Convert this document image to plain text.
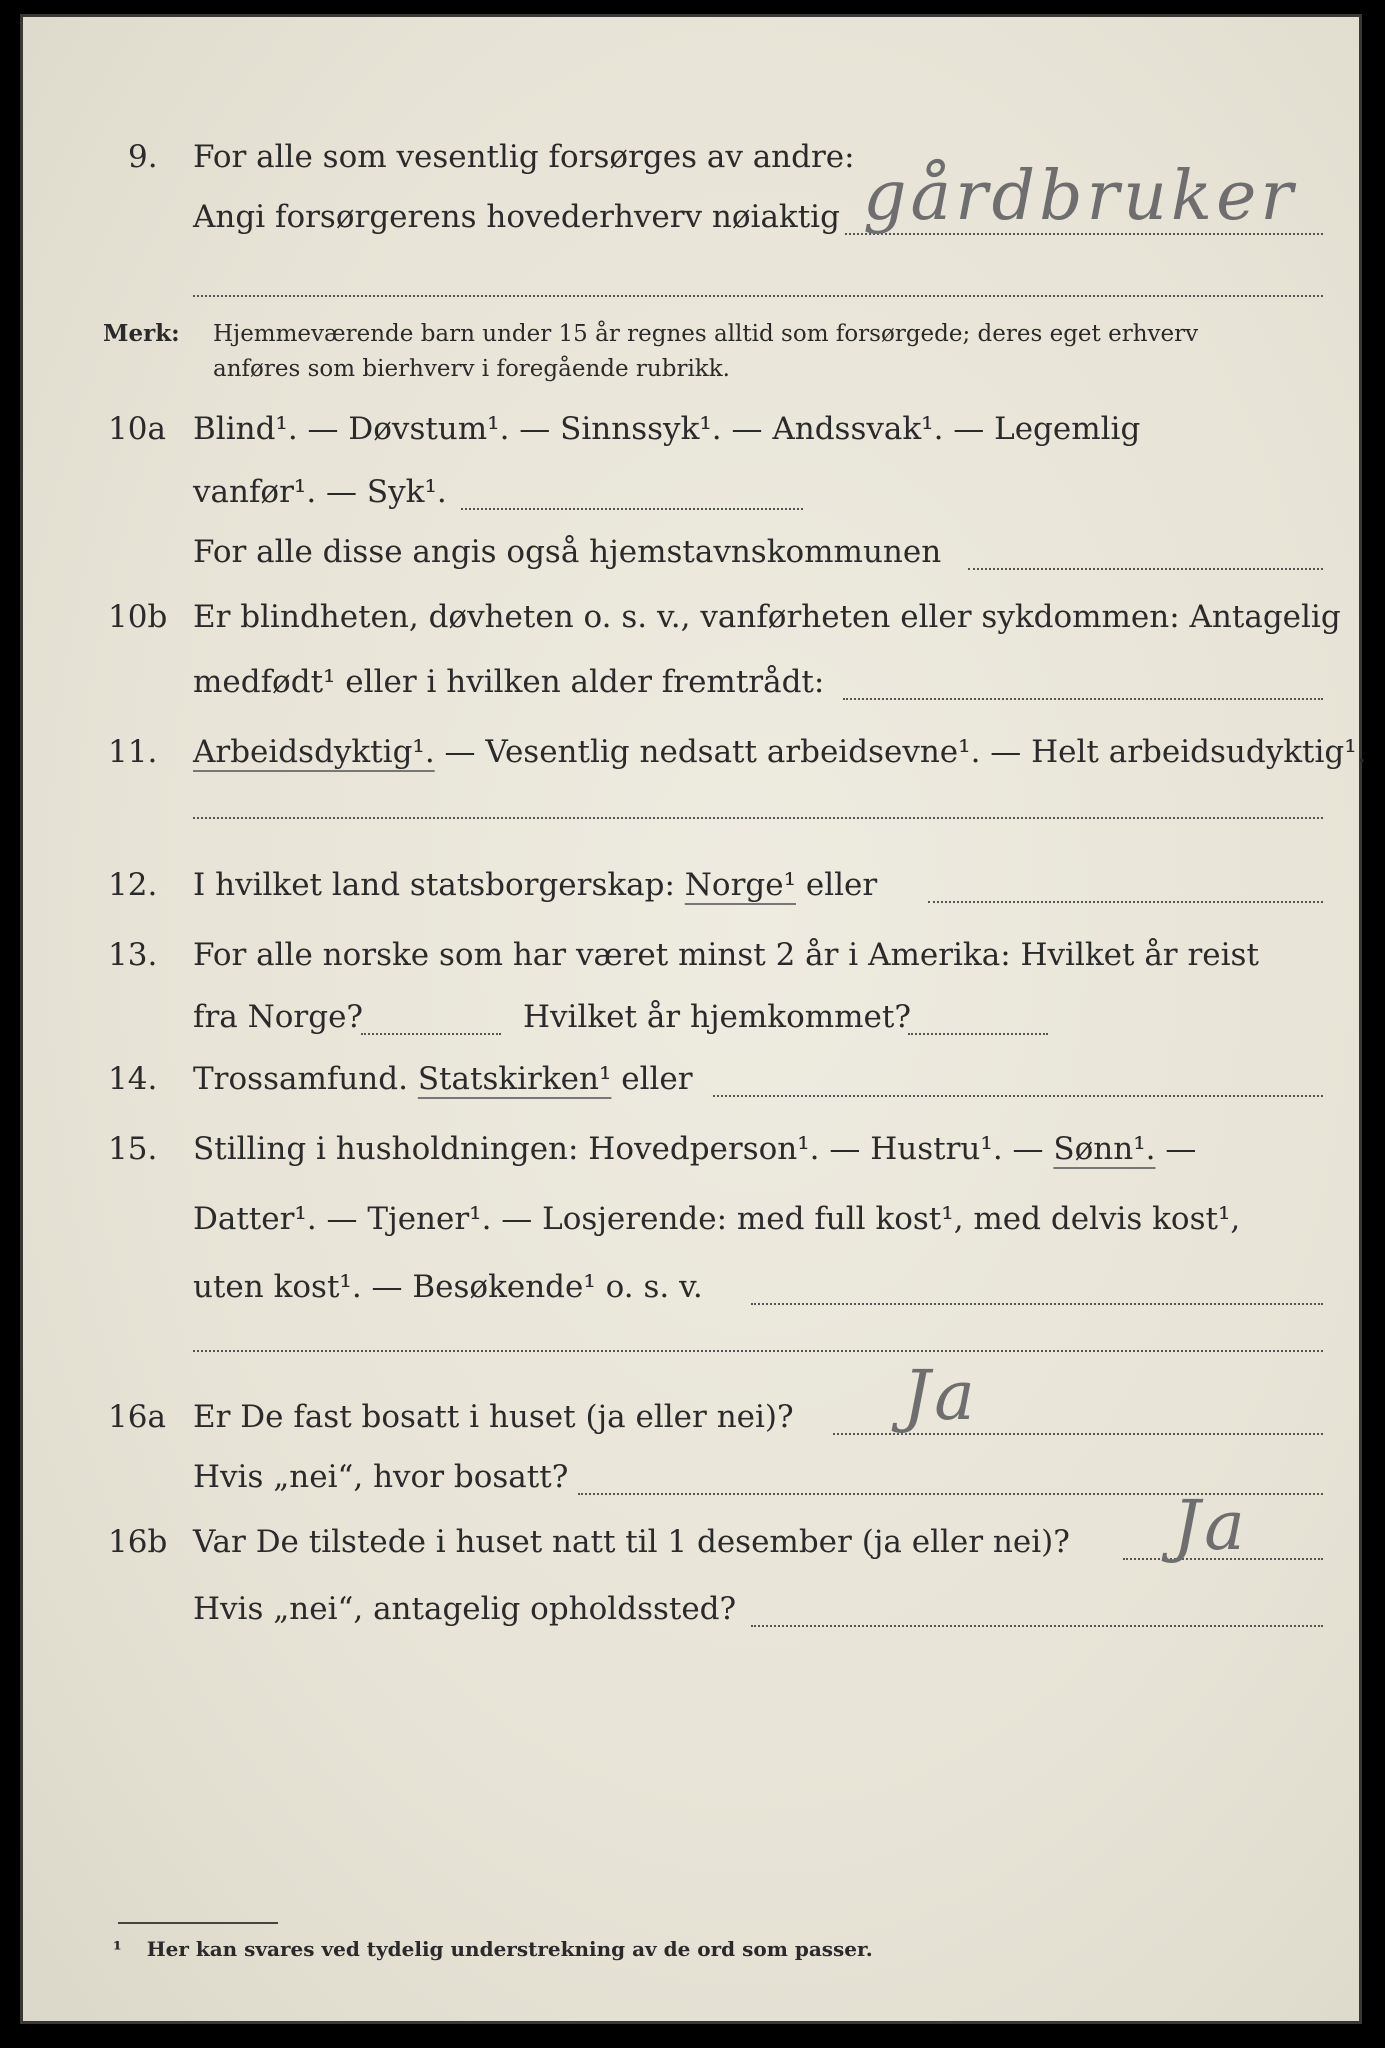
9.	For alle som vesentlig forsørges av andre:
Angi forsørgerens hovederhverv nøiaktig gårdbruker
Merk: Hjemmeværende barn under 15 år regnes alltid som forsørgede; deres eget erhverv
anføres som bierhverv i foregående rubrikk.
10a Blind¹. — Døvstum¹. — Sinnssyk¹. — Andssvak¹. — Legemlig
vanfør¹. — Syk¹.
For alle disse angis også hjemstavnskommunen
10b Er blindheten, døvheten o. s. v., vanførheten eller sykdommen: Antagelig
medfødt¹ eller i hvilken alder fremtrådt:
11.	Arbeidsdyktig¹. — Vesentlig nedsatt arbeidsevne¹. — Helt arbeidsudyktig¹.
12.	I hvilket land statsborgerskap: Norge¹ eller
13.	For alle norske som har været minst 2 år i Amerika: Hvilket år reist
fra Norge?	Hvilket år hjemkommet?
14.	Trossamfund. Statskirken¹ eller
15.	Stilling i husholdningen: Hovedperson¹. — Hustru¹. — Sønn¹. —
Datter¹. — Tjener¹. — Losjerende: med full kost¹, med delvis kost¹,
uten kost¹. — Besøkende¹ o. s. v.
16a Er De fast bosatt i huset (ja eller nei)? Ja
Hvis „nei“, hvor bosatt?
16b Var De tilstede i huset natt til 1 desember (ja eller nei)? Ja
Hvis „nei“, antagelig opholdssted?
¹ Her kan svares ved tydelig understrekning av de ord som passer.
